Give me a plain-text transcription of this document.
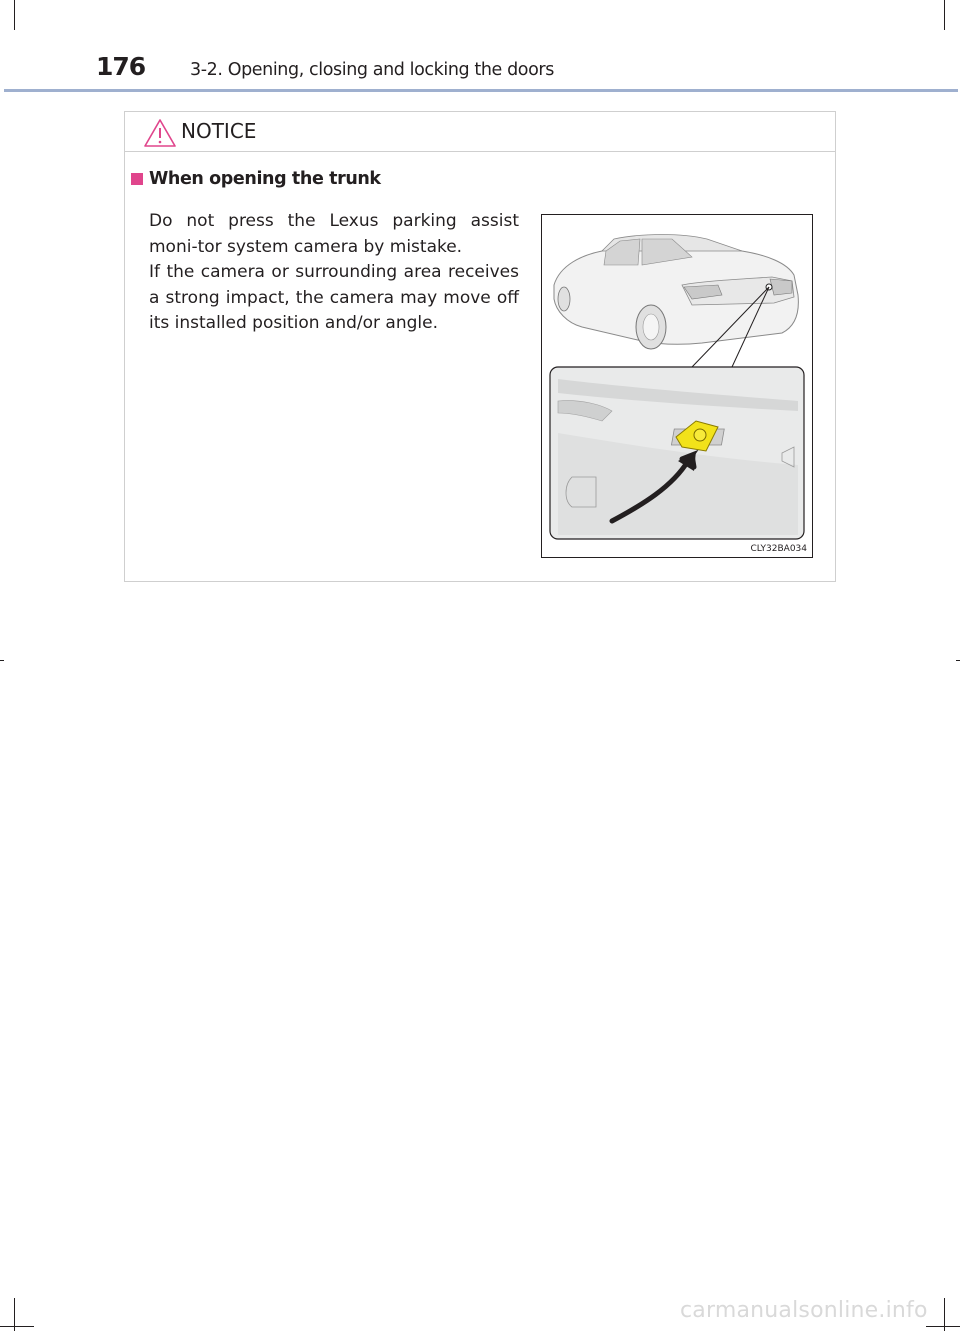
176	3-2. Opening, closing and locking the doors
NOTICE
When opening the trunk

Do not press the Lexus parking assist moni-tor system camera by mistake.

If the camera or surrounding area receives a strong impact, the camera may move off its installed position and/or angle.

CLY32BA034
carmanualsonline.info
